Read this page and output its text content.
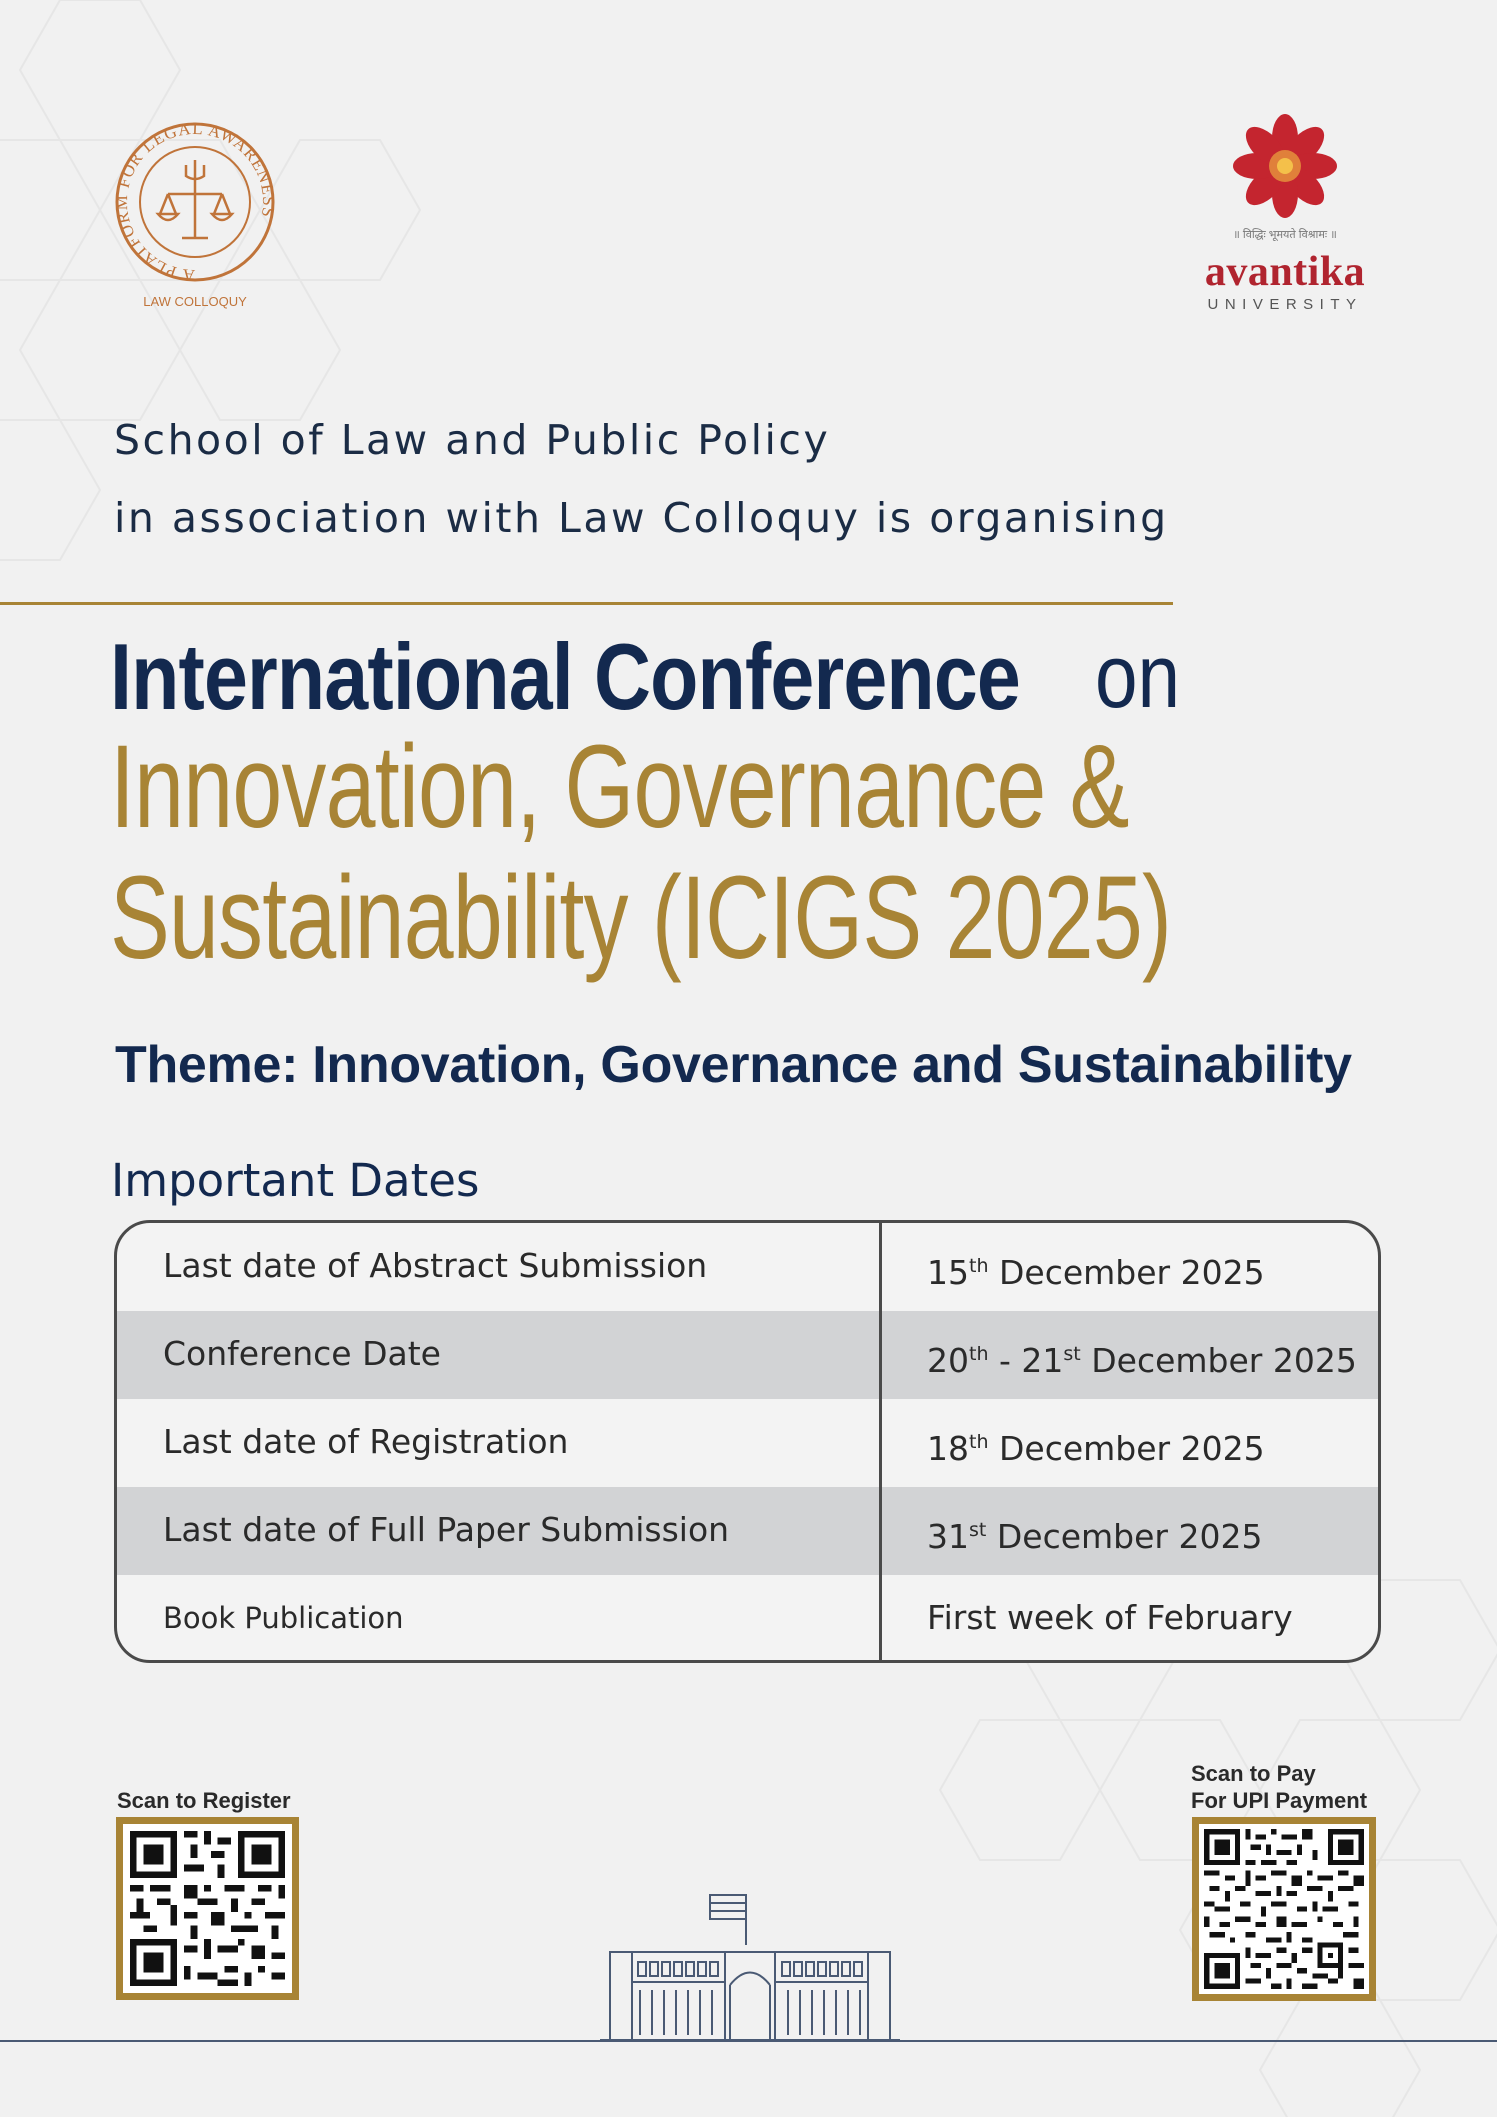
A PLATFORM FOR LEGAL AWARENESS
LAW COLLOQUY
॥ विद्धिः भूमयते विश्रामः ॥
avantika
UNIVERSITY
School of Law and Public Policy
in association with Law Colloquy is organising
International Conference on
Innovation, Governance &
Sustainability (ICIGS 2025)
Theme: Innovation, Governance and Sustainability
Important Dates
Last date of Abstract Submission	15th December 2025
Conference Date	20th - 21st December 2025
Last date of Registration	18th December 2025
Last date of Full Paper Submission	31st December 2025
Book Publication	First week of February
Scan to Register
Scan to Pay
For UPI Payment
